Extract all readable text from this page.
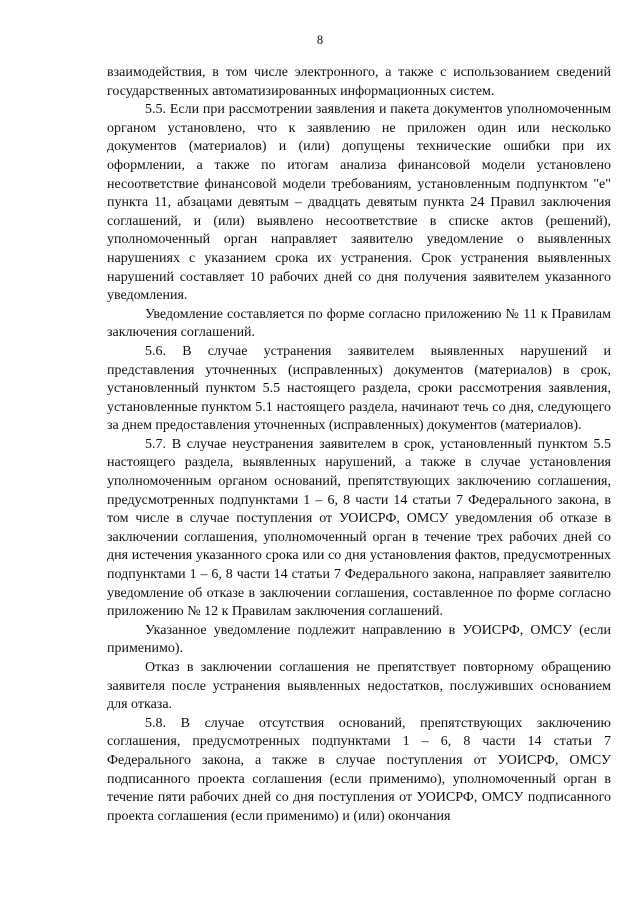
8

взаимодействия, в том числе электронного, а также с использованием сведений государственных автоматизированных информационных систем.

5.5. Если при рассмотрении заявления и пакета документов уполномоченным органом установлено, что к заявлению не приложен один или несколько документов (материалов) и (или) допущены технические ошибки при их оформлении, а также по итогам анализа финансовой модели установлено несоответствие финансовой модели требованиям, установленным подпунктом "е" пункта 11, абзацами девятым – двадцать девятым пункта 24 Правил заключения соглашений, и (или) выявлено несоответствие в списке актов (решений), уполномоченный орган направляет заявителю уведомление о выявленных нарушениях с указанием срока их устранения. Срок устранения выявленных нарушений составляет 10 рабочих дней со дня получения заявителем указанного уведомления.

Уведомление составляется по форме согласно приложению № 11 к Правилам заключения соглашений.

5.6. В случае устранения заявителем выявленных нарушений и представления уточненных (исправленных) документов (материалов) в срок, установленный пунктом 5.5 настоящего раздела, сроки рассмотрения заявления, установленные пунктом 5.1 настоящего раздела, начинают течь со дня, следующего за днем предоставления уточненных (исправленных) документов (материалов).

5.7. В случае неустранения заявителем в срок, установленный пунктом 5.5 настоящего раздела, выявленных нарушений, а также в случае установления уполномоченным органом оснований, препятствующих заключению соглашения, предусмотренных подпунктами 1 – 6, 8 части 14 статьи 7 Федерального закона, в том числе в случае поступления от УОИСРФ, ОМСУ уведомления об отказе в заключении соглашения, уполномоченный орган в течение трех рабочих дней со дня истечения указанного срока или со дня установления фактов, предусмотренных подпунктами 1 – 6, 8 части 14 статьи 7 Федерального закона, направляет заявителю уведомление об отказе в заключении соглашения, составленное по форме согласно приложению № 12 к Правилам заключения соглашений.

Указанное уведомление подлежит направлению в УОИСРФ, ОМСУ (если применимо).

Отказ в заключении соглашения не препятствует повторному обращению заявителя после устранения выявленных недостатков, послуживших основанием для отказа.

5.8. В случае отсутствия оснований, препятствующих заключению соглашения, предусмотренных подпунктами 1 – 6, 8 части 14 статьи 7 Федерального закона, а также в случае поступления от УОИСРФ, ОМСУ подписанного проекта соглашения (если применимо), уполномоченный орган в течение пяти рабочих дней со дня поступления от УОИСРФ, ОМСУ подписанного проекта соглашения (если применимо) и (или) окончания
